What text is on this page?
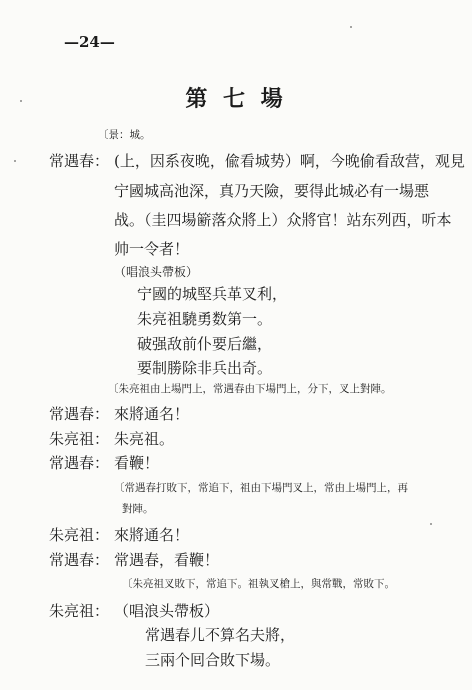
—24—
第 七 場
〔景：城。
常遇春： (上，因系夜晚，偸看城势）啊，今晚偷看敌营，观見
宁國城高池深，真乃天險，要得此城必有一場悪
战。（圭四場簖落众將上）众將官！站东列西，听本
帅一令者！
（唱浪头帶板）
宁國的城堅兵革叉利，
朱亮祖驍勇数第一。
破强敌前仆要后繼，
要制勝除非兵出奇。
〔朱亮祖由上場門上，常遇春由下場門上，分下，叉上對陣。
常遇春： 來將通名！
朱亮祖： 朱亮祖。
常遇春： 看鞭！
〔常遇春打敗下，常追下，祖由下場門叉上，常由上場門上，再
對陣。
朱亮祖： 來將通名！
常遇春： 常遇春，看鞭！
〔朱亮祖叉敗下，常追下。祖執叉槍上，與常戰，常敗下。
朱亮祖： （唱浪头帶板）
常遇春儿不算名夫將，
三兩个囘合敗下場。
